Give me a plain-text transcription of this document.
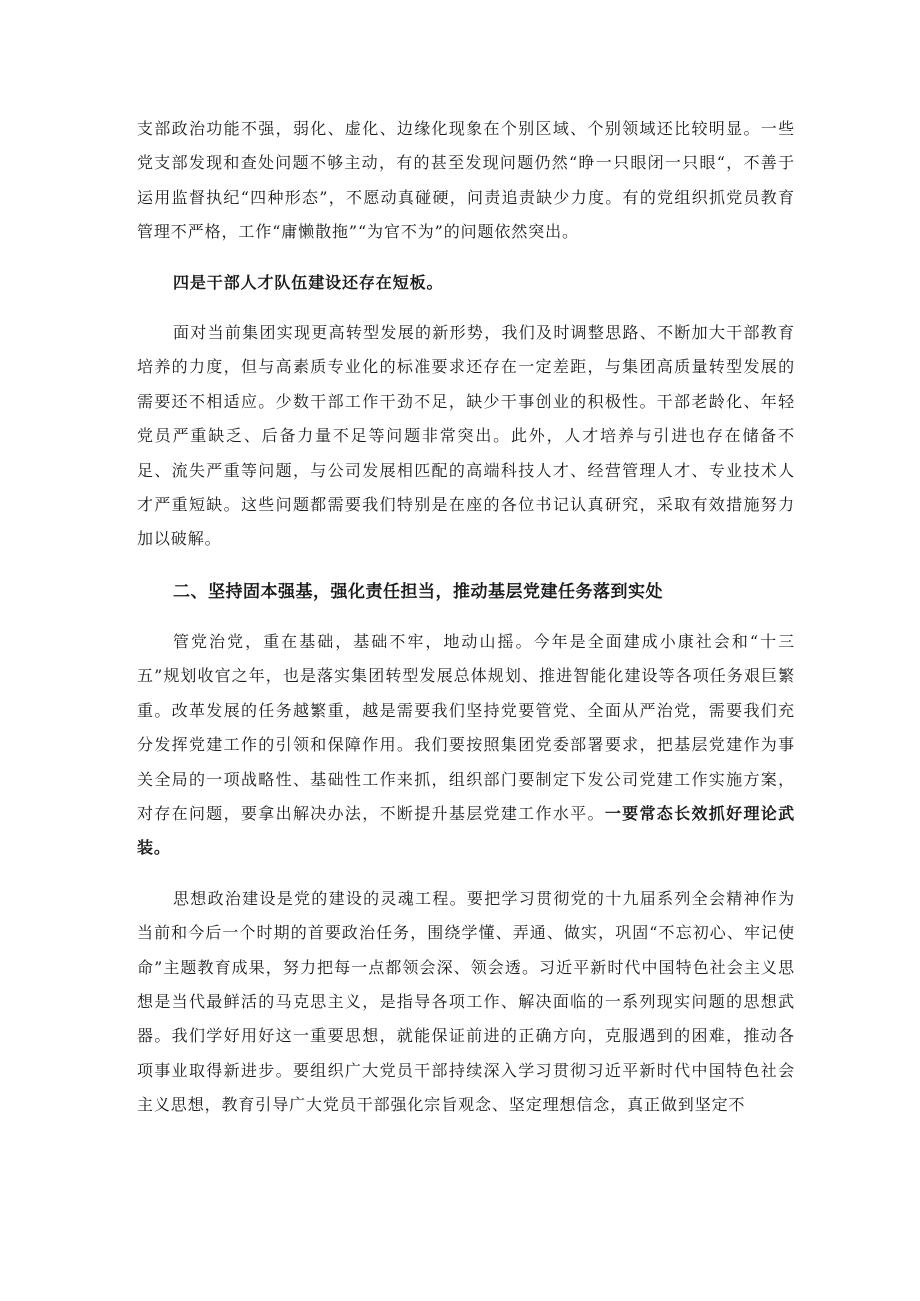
支部政治功能不强，弱化、虚化、边缘化现象在个别区域、个别领域还比较明显。一些党支部发现和查处问题不够主动，有的甚至发现问题仍然“睁一只眼闭一只眼“，不善于运用监督执纪“四种形态”，不愿动真碰硬，问责追责缺少力度。有的党组织抓党员教育管理不严格，工作“庸懒散拖”“为官不为”的问题依然突出。

四是干部人才队伍建设还存在短板。

面对当前集团实现更高转型发展的新形势，我们及时调整思路、不断加大干部教育培养的力度，但与高素质专业化的标准要求还存在一定差距，与集团高质量转型发展的需要还不相适应。少数干部工作干劲不足，缺少干事创业的积极性。干部老龄化、年轻党员严重缺乏、后备力量不足等问题非常突出。此外，人才培养与引进也存在储备不足、流失严重等问题，与公司发展相匹配的高端科技人才、经营管理人才、专业技术人才严重短缺。这些问题都需要我们特别是在座的各位书记认真研究，采取有效措施努力加以破解。

二、坚持固本强基，强化责任担当，推动基层党建任务落到实处

管党治党，重在基础，基础不牢，地动山摇。今年是全面建成小康社会和“十三五”规划收官之年，也是落实集团转型发展总体规划、推进智能化建设等各项任务艰巨繁重。改革发展的任务越繁重，越是需要我们坚持党要管党、全面从严治党，需要我们充分发挥党建工作的引领和保障作用。我们要按照集团党委部署要求，把基层党建作为事关全局的一项战略性、基础性工作来抓，组织部门要制定下发公司党建工作实施方案，对存在问题，要拿出解决办法，不断提升基层党建工作水平。一要常态长效抓好理论武装。

思想政治建设是党的建设的灵魂工程。要把学习贯彻党的十九届系列全会精神作为当前和今后一个时期的首要政治任务，围绕学懂、弄通、做实，巩固“不忘初心、牢记使命”主题教育成果，努力把每一点都领会深、领会透。习近平新时代中国特色社会主义思想是当代最鲜活的马克思主义，是指导各项工作、解决面临的一系列现实问题的思想武器。我们学好用好这一重要思想，就能保证前进的正确方向，克服遇到的困难，推动各项事业取得新进步。要组织广大党员干部持续深入学习贯彻习近平新时代中国特色社会主义思想，教育引导广大党员干部强化宗旨观念、坚定理想信念，真正做到坚定不
